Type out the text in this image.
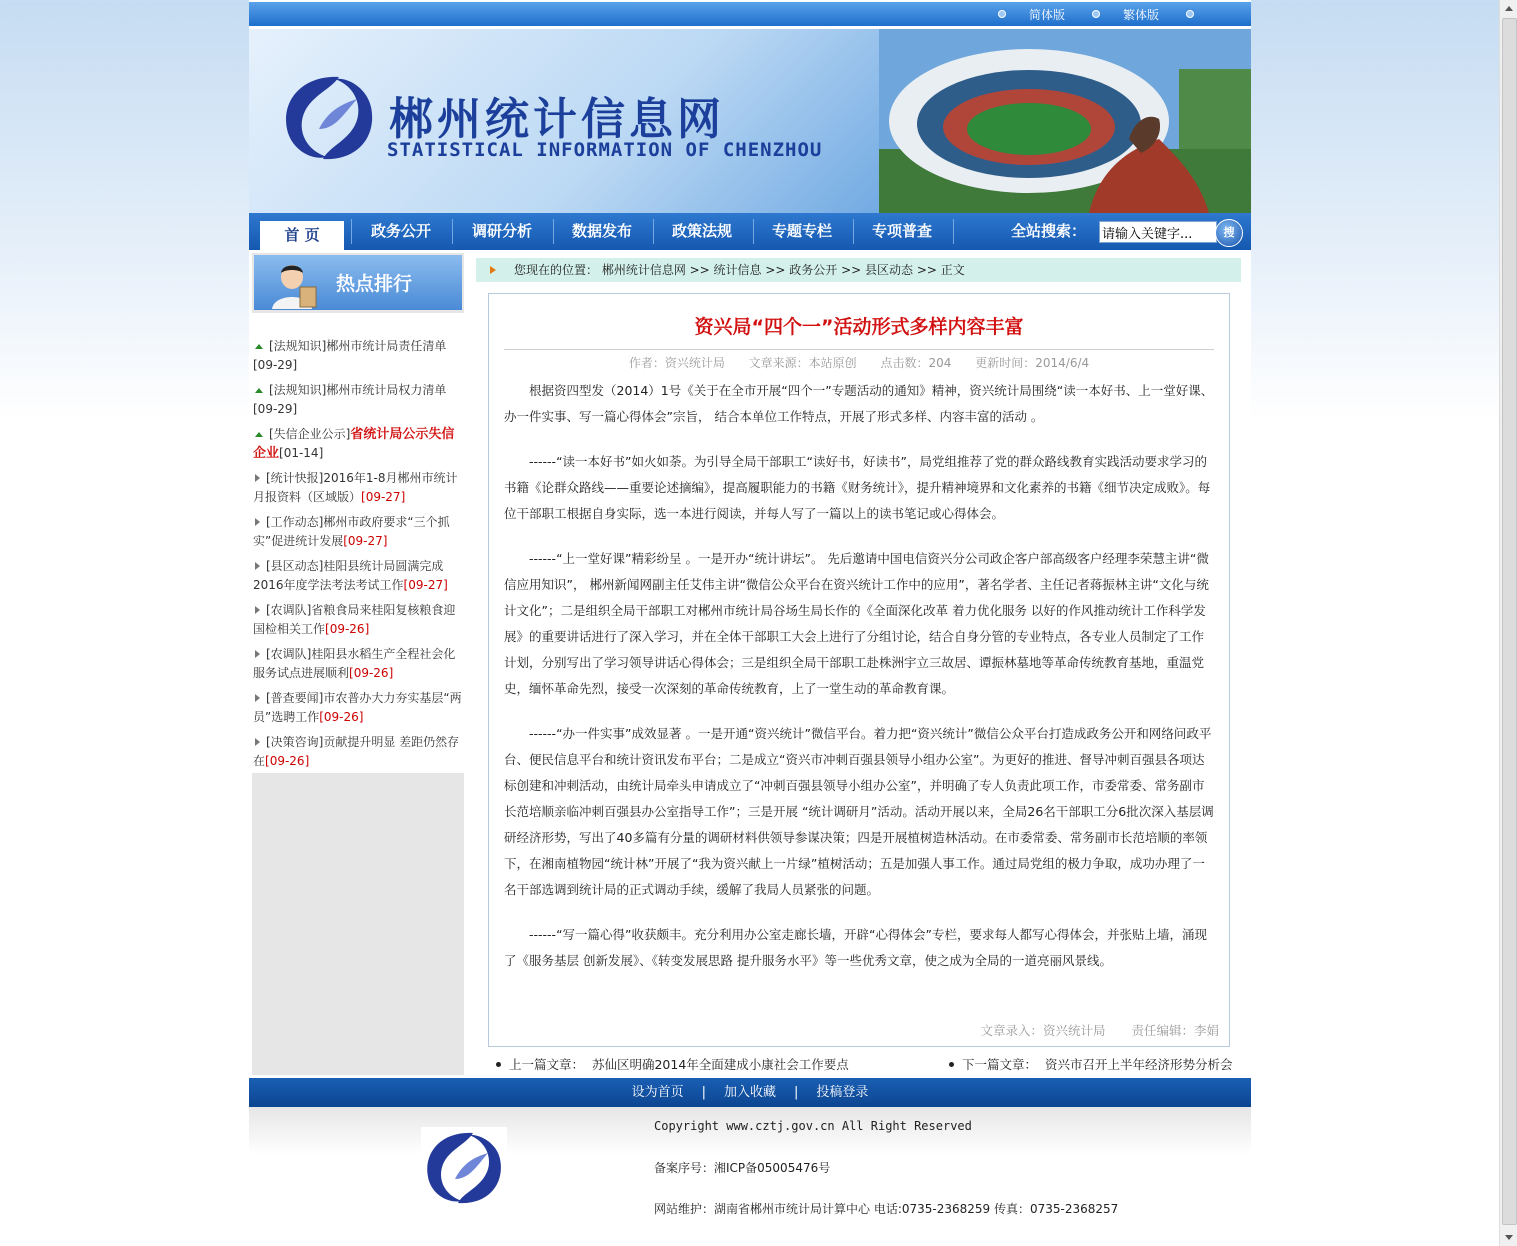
简体版	繁体版
郴州统计信息网
STATISTICAL INFORMATION OF CHENZHOU
首 页	政务公开	调研分析	数据发布	政策法规	专题专栏	专项普查	全站搜索：
请输入关键字...	搜
热点排行
[法规知识]郴州市统计局责任清单
[09-29]
[法规知识]郴州市统计局权力清单
[09-29]
[失信企业公示]省统计局公示失信企业[01-14]
[统计快报]2016年1-8月郴州市统计月报资料（区域版）[09-27]
[工作动态]郴州市政府要求“三个抓实”促进统计发展[09-27]
[县区动态]桂阳县统计局圆满完成2016年度学法考法考试工作[09-27]
[农调队]省粮食局来桂阳复核粮食迎国检相关工作[09-26]
[农调队]桂阳县水稻生产全程社会化服务试点进展顺利[09-26]
[普查要闻]市农普办大力夯实基层“两员”选聘工作[09-26]
[决策咨询]贡献提升明显 差距仍然存在[09-26]
您现在的位置： 郴州统计信息网 >> 统计信息 >> 政务公开 >> 县区动态 >> 正文
资兴局“四个一”活动形式多样内容丰富
作者：资兴统计局 文章来源：本站原创 点击数：204 更新时间：2014/6/4
根据资四型发（2014）1号《关于在全市开展“四个一”专题活动的通知》精神，资兴统计局围绕“读一本好书、上一堂好课、办一件实事、写一篇心得体会”宗旨， 结合本单位工作特点，开展了形式多样、内容丰富的活动 。
------“读一本好书”如火如荼。为引导全局干部职工“读好书，好读书”，局党组推荐了党的群众路线教育实践活动要求学习的书籍《论群众路线——重要论述摘编》，提高履职能力的书籍《财务统计》，提升精神境界和文化素养的书籍《细节决定成败》。每位干部职工根据自身实际，选一本进行阅读，并每人写了一篇以上的读书笔记或心得体会。
------“上一堂好课”精彩纷呈 。一是开办“统计讲坛”。 先后邀请中国电信资兴分公司政企客户部高级客户经理李荣慧主讲“微信应用知识”， 郴州新闻网副主任艾伟主讲“微信公众平台在资兴统计工作中的应用”，著名学者、主任记者蒋振林主讲“文化与统计文化”；二是组织全局干部职工对郴州市统计局谷场生局长作的《全面深化改革 着力优化服务 以好的作风推动统计工作科学发展》的重要讲话进行了深入学习，并在全体干部职工大会上进行了分组讨论，结合自身分管的专业特点，各专业人员制定了工作计划，分别写出了学习领导讲话心得体会；三是组织全局干部职工赴株洲宇立三故居、谭振林墓地等革命传统教育基地，重温党史，缅怀革命先烈，接受一次深刻的革命传统教育，上了一堂生动的革命教育课。
------“办一件实事”成效显著 。一是开通“资兴统计”微信平台。着力把“资兴统计”微信公众平台打造成政务公开和网络问政平台、便民信息平台和统计资讯发布平台；二是成立“资兴市冲刺百强县领导小组办公室”。为更好的推进、督导冲刺百强县各项达标创建和冲刺活动，由统计局牵头申请成立了“冲刺百强县领导小组办公室”，并明确了专人负责此项工作，市委常委、常务副市长范培顺亲临冲刺百强县办公室指导工作”；三是开展 “统计调研月”活动。活动开展以来，全局26名干部职工分6批次深入基层调研经济形势，写出了40多篇有分量的调研材料供领导参谋决策；四是开展植树造林活动。在市委常委、常务副市长范培顺的率领下，在湘南植物园“统计林”开展了“我为资兴献上一片绿”植树活动；五是加强人事工作。通过局党组的极力争取，成功办理了一名干部选调到统计局的正式调动手续，缓解了我局人员紧张的问题。
------“写一篇心得”收获颇丰。充分利用办公室走廊长墙，开辟“心得体会”专栏，要求每人都写心得体会，并张贴上墙，涌现了《服务基层 创新发展》、《转变发展思路 提升服务水平》等一些优秀文章，使之成为全局的一道亮丽风景线。
文章录入：资兴统计局 责任编辑：李娟
上一篇文章： 苏仙区明确2014年全面建成小康社会工作要点	下一篇文章： 资兴市召开上半年经济形势分析会
设为首页 | 加入收藏 | 投稿登录
Copyright www.cztj.gov.cn All Right Reserved
备案序号：湘ICP备05005476号
网站维护：湖南省郴州市统计局计算中心 电话:0735-2368259 传真：0735-2368257
